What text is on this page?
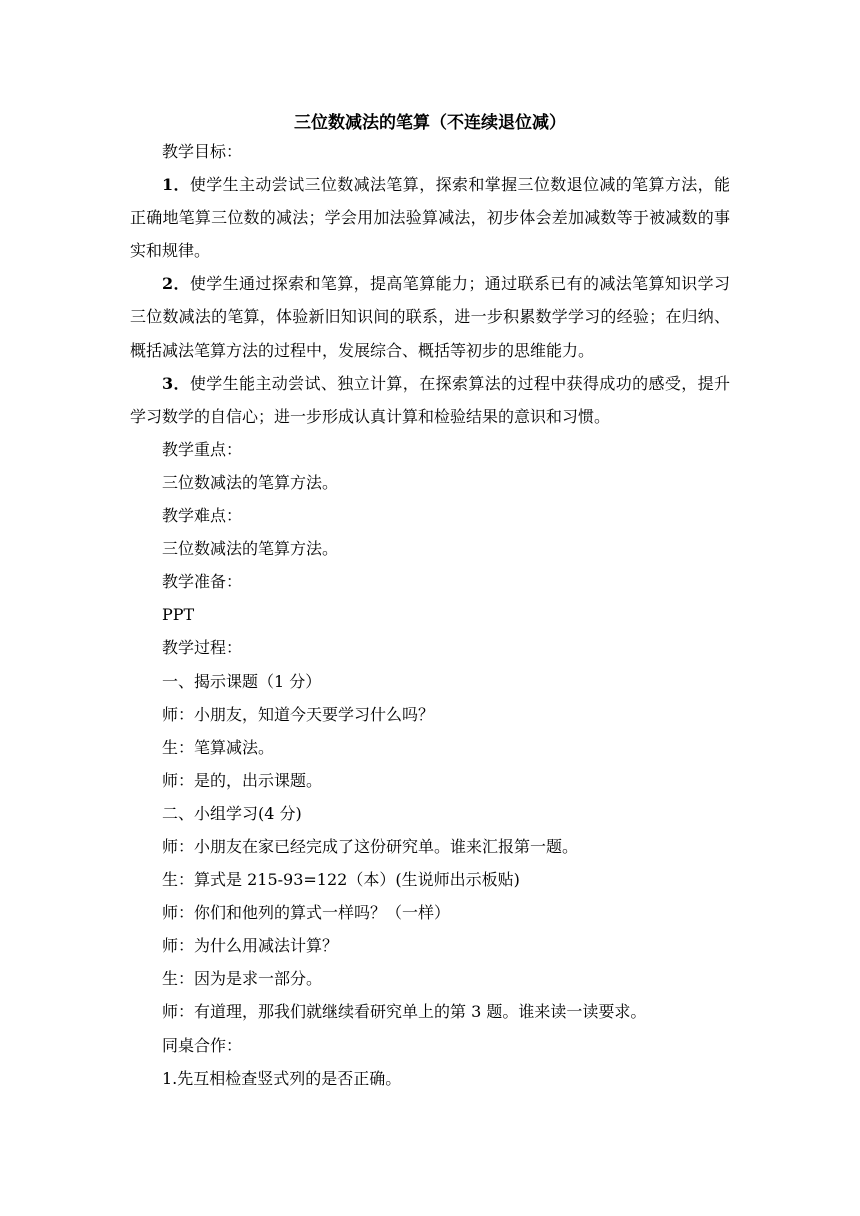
三位数减法的笔算（不连续退位减）
教学目标：
1．使学生主动尝试三位数减法笔算，探索和掌握三位数退位减的笔算方法，能正确地笔算三位数的减法；学会用加法验算减法，初步体会差加减数等于被减数的事实和规律。
2．使学生通过探索和笔算，提高笔算能力；通过联系已有的减法笔算知识学习三位数减法的笔算，体验新旧知识间的联系，进一步积累数学学习的经验；在归纳、概括减法笔算方法的过程中，发展综合、概括等初步的思维能力。
3．使学生能主动尝试、独立计算，在探索算法的过程中获得成功的感受，提升学习数学的自信心；进一步形成认真计算和检验结果的意识和习惯。
教学重点：
三位数减法的笔算方法。
教学难点：
三位数减法的笔算方法。
教学准备：
PPT
教学过程：
一、揭示课题（1 分）
师：小朋友，知道今天要学习什么吗？
生：笔算减法。
师：是的，出示课题。
二、小组学习(4 分)
师：小朋友在家已经完成了这份研究单。谁来汇报第一题。
生：算式是 215-93=122（本）(生说师出示板贴)
师：你们和他列的算式一样吗？（一样）
师：为什么用减法计算？
生：因为是求一部分。
师：有道理，那我们就继续看研究单上的第 3 题。谁来读一读要求。
同桌合作：
1.先互相检查竖式列的是否正确。
